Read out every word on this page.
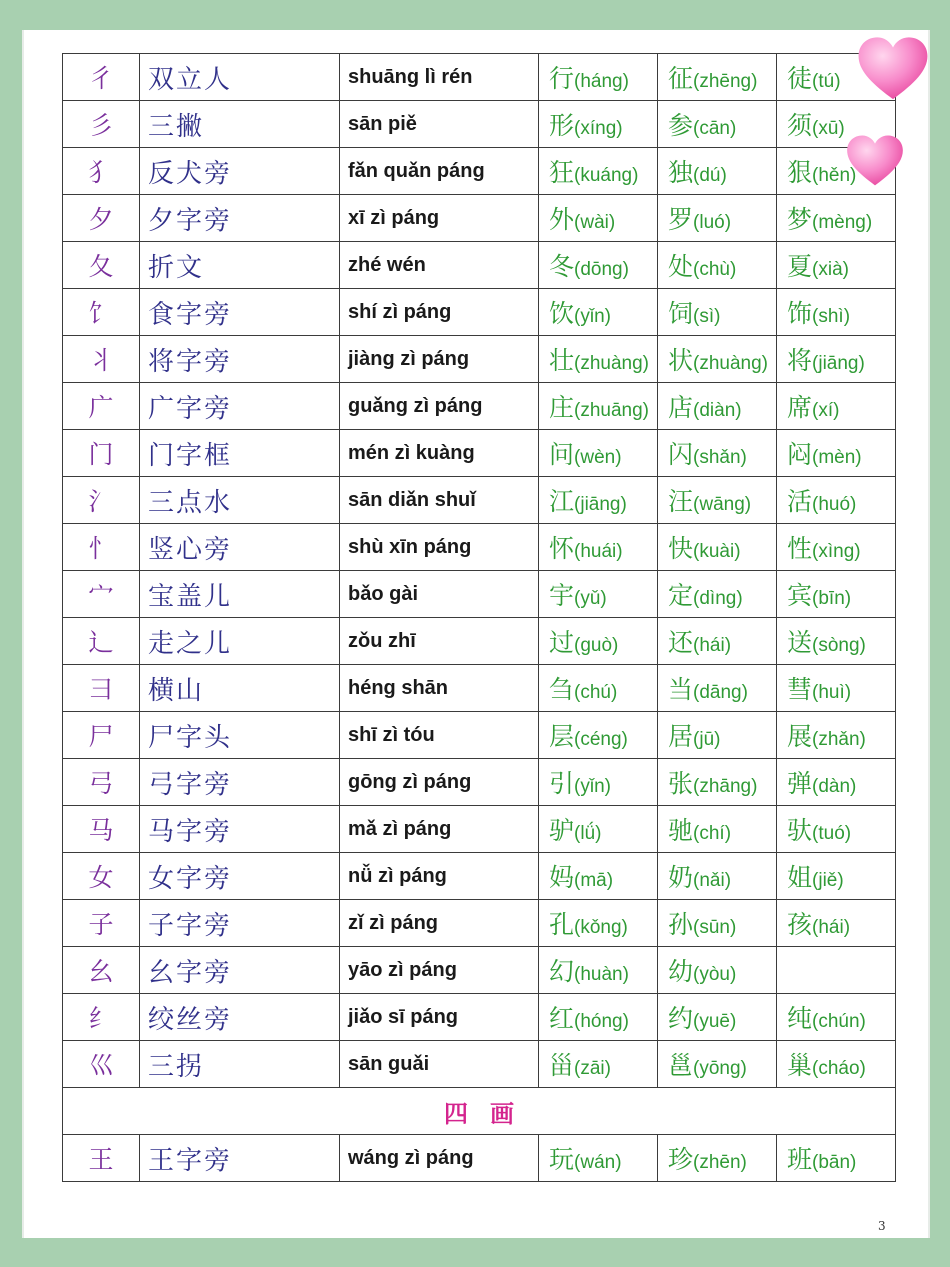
彳	双立人	shuāng lì rén	行(háng)	征(zhēng)	徒(tú)
彡	三撇	sān piě	形(xíng)	参(cān)	须(xū)
犭	反犬旁	fǎn quǎn páng	狂(kuáng)	独(dú)	狠(hěn)
夕	夕字旁	xī zì páng	外(wài)	罗(luó)	梦(mèng)
夂	折文	zhé wén	冬(dōng)	处(chù)	夏(xià)
饣	食字旁	shí zì páng	饮(yǐn)	饲(sì)	饰(shì)
丬	将字旁	jiàng zì páng	壮(zhuàng)	状(zhuàng)	将(jiāng)
广	广字旁	guǎng zì páng	庄(zhuāng)	店(diàn)	席(xí)
门	门字框	mén zì kuàng	问(wèn)	闪(shǎn)	闷(mèn)
氵	三点水	sān diǎn shuǐ	江(jiāng)	汪(wāng)	活(huó)
忄	竖心旁	shù xīn páng	怀(huái)	快(kuài)	性(xìng)
宀	宝盖儿	bǎo gài	宇(yǔ)	定(dìng)	宾(bīn)
辶	走之儿	zǒu zhī	过(guò)	还(hái)	送(sòng)
彐	横山	héng shān	刍(chú)	当(dāng)	彗(huì)
尸	尸字头	shī zì tóu	层(céng)	居(jū)	展(zhǎn)
弓	弓字旁	gōng zì páng	引(yǐn)	张(zhāng)	弹(dàn)
马	马字旁	mǎ zì páng	驴(lǘ)	驰(chí)	驮(tuó)
女	女字旁	nǚ zì páng	妈(mā)	奶(nǎi)	姐(jiě)
子	子字旁	zǐ zì páng	孔(kǒng)	孙(sūn)	孩(hái)
幺	幺字旁	yāo zì páng	幻(huàn)	幼(yòu)	
纟	绞丝旁	jiǎo sī páng	红(hóng)	约(yuē)	纯(chún)
巛	三拐	sān guǎi	甾(zāi)	邕(yōng)	巢(cháo)
四画					
王	王字旁	wáng zì páng	玩(wán)	珍(zhēn)	班(bān)
3
